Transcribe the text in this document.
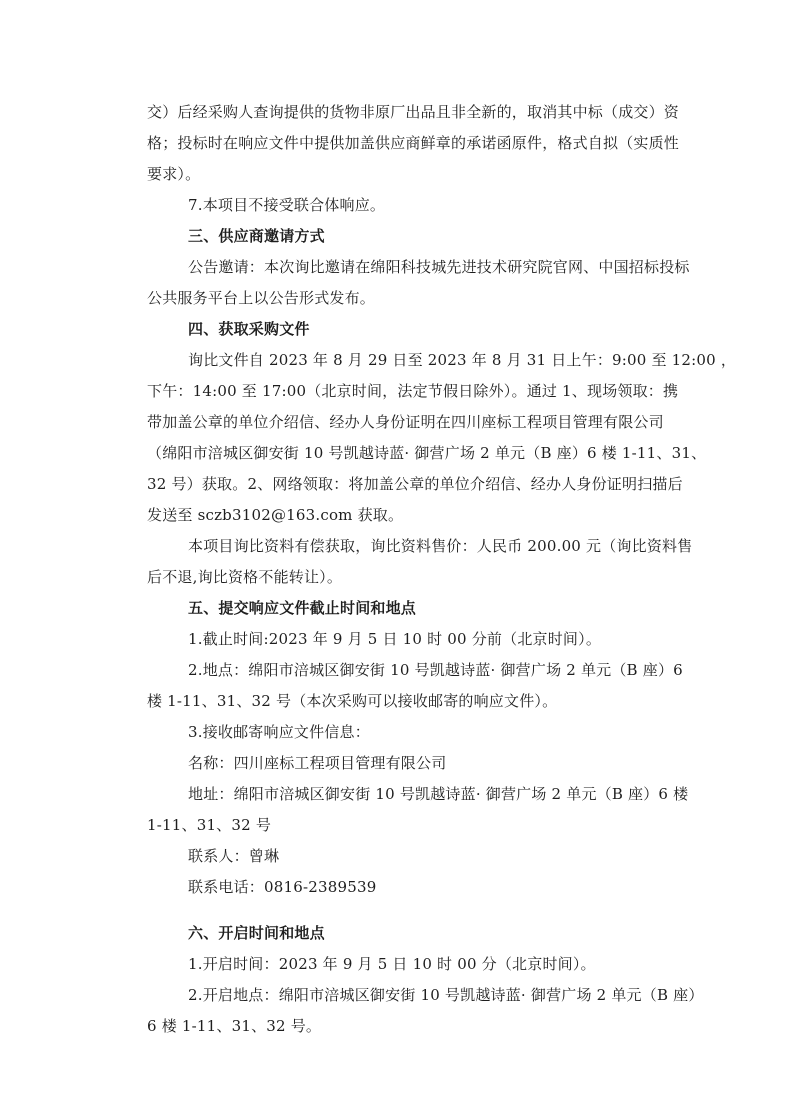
交）后经采购人查询提供的货物非原厂出品且非全新的，取消其中标（成交）资

格；投标时在响应文件中提供加盖供应商鲜章的承诺函原件，格式自拟（实质性

要求）。

7.本项目不接受联合体响应。

三、供应商邀请方式

公告邀请：本次询比邀请在绵阳科技城先进技术研究院官网、中国招标投标

公共服务平台上以公告形式发布。

四、获取采购文件

询比文件自 2023 年 8 月 29 日至 2023 年 8 月 31 日上午：9:00 至 12:00 ，

下午：14:00 至 17:00（北京时间，法定节假日除外）。通过 1、现场领取：携

带加盖公章的单位介绍信、经办人身份证明在四川座标工程项目管理有限公司

（绵阳市涪城区御安街 10 号凯越诗蓝· 御营广场 2 单元（B 座）6 楼 1-11、31、

32 号）获取。2、网络领取：将加盖公章的单位介绍信、经办人身份证明扫描后

发送至 sczb3102@163.com 获取。

本项目询比资料有偿获取，询比资料售价：人民币 200.00 元（询比资料售

后不退,询比资格不能转让）。

五、提交响应文件截止时间和地点

1.截止时间:2023 年 9 月 5 日 10 时 00 分前（北京时间）。

2.地点：绵阳市涪城区御安街 10 号凯越诗蓝· 御营广场 2 单元（B 座）6

楼 1-11、31、32 号（本次采购可以接收邮寄的响应文件）。

3.接收邮寄响应文件信息：

名称：四川座标工程项目管理有限公司

地址：绵阳市涪城区御安街 10 号凯越诗蓝· 御营广场 2 单元（B 座）6 楼

1-11、31、32 号

联系人：曾琳

联系电话：0816-2389539

六、开启时间和地点

1.开启时间：2023 年 9 月 5 日 10 时 00 分（北京时间）。

2.开启地点：绵阳市涪城区御安街 10 号凯越诗蓝· 御营广场 2 单元（B 座）

6 楼 1-11、31、32 号。
